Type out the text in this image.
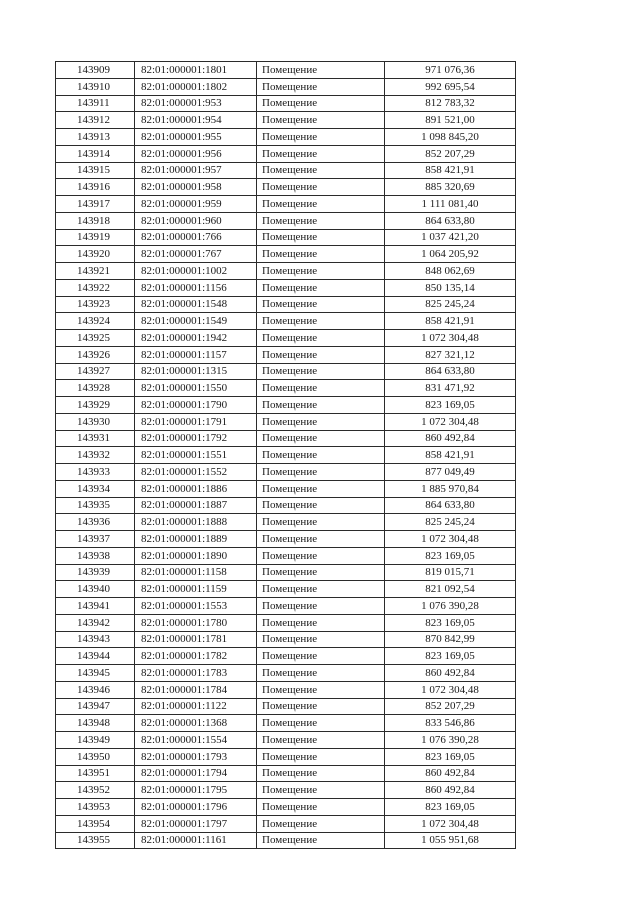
143909	82:01:000001:1801	Помещение	971 076,36
143910	82:01:000001:1802	Помещение	992 695,54
143911	82:01:000001:953	Помещение	812 783,32
143912	82:01:000001:954	Помещение	891 521,00
143913	82:01:000001:955	Помещение	1 098 845,20
143914	82:01:000001:956	Помещение	852 207,29
143915	82:01:000001:957	Помещение	858 421,91
143916	82:01:000001:958	Помещение	885 320,69
143917	82:01:000001:959	Помещение	1 111 081,40
143918	82:01:000001:960	Помещение	864 633,80
143919	82:01:000001:766	Помещение	1 037 421,20
143920	82:01:000001:767	Помещение	1 064 205,92
143921	82:01:000001:1002	Помещение	848 062,69
143922	82:01:000001:1156	Помещение	850 135,14
143923	82:01:000001:1548	Помещение	825 245,24
143924	82:01:000001:1549	Помещение	858 421,91
143925	82:01:000001:1942	Помещение	1 072 304,48
143926	82:01:000001:1157	Помещение	827 321,12
143927	82:01:000001:1315	Помещение	864 633,80
143928	82:01:000001:1550	Помещение	831 471,92
143929	82:01:000001:1790	Помещение	823 169,05
143930	82:01:000001:1791	Помещение	1 072 304,48
143931	82:01:000001:1792	Помещение	860 492,84
143932	82:01:000001:1551	Помещение	858 421,91
143933	82:01:000001:1552	Помещение	877 049,49
143934	82:01:000001:1886	Помещение	1 885 970,84
143935	82:01:000001:1887	Помещение	864 633,80
143936	82:01:000001:1888	Помещение	825 245,24
143937	82:01:000001:1889	Помещение	1 072 304,48
143938	82:01:000001:1890	Помещение	823 169,05
143939	82:01:000001:1158	Помещение	819 015,71
143940	82:01:000001:1159	Помещение	821 092,54
143941	82:01:000001:1553	Помещение	1 076 390,28
143942	82:01:000001:1780	Помещение	823 169,05
143943	82:01:000001:1781	Помещение	870 842,99
143944	82:01:000001:1782	Помещение	823 169,05
143945	82:01:000001:1783	Помещение	860 492,84
143946	82:01:000001:1784	Помещение	1 072 304,48
143947	82:01:000001:1122	Помещение	852 207,29
143948	82:01:000001:1368	Помещение	833 546,86
143949	82:01:000001:1554	Помещение	1 076 390,28
143950	82:01:000001:1793	Помещение	823 169,05
143951	82:01:000001:1794	Помещение	860 492,84
143952	82:01:000001:1795	Помещение	860 492,84
143953	82:01:000001:1796	Помещение	823 169,05
143954	82:01:000001:1797	Помещение	1 072 304,48
143955	82:01:000001:1161	Помещение	1 055 951,68
